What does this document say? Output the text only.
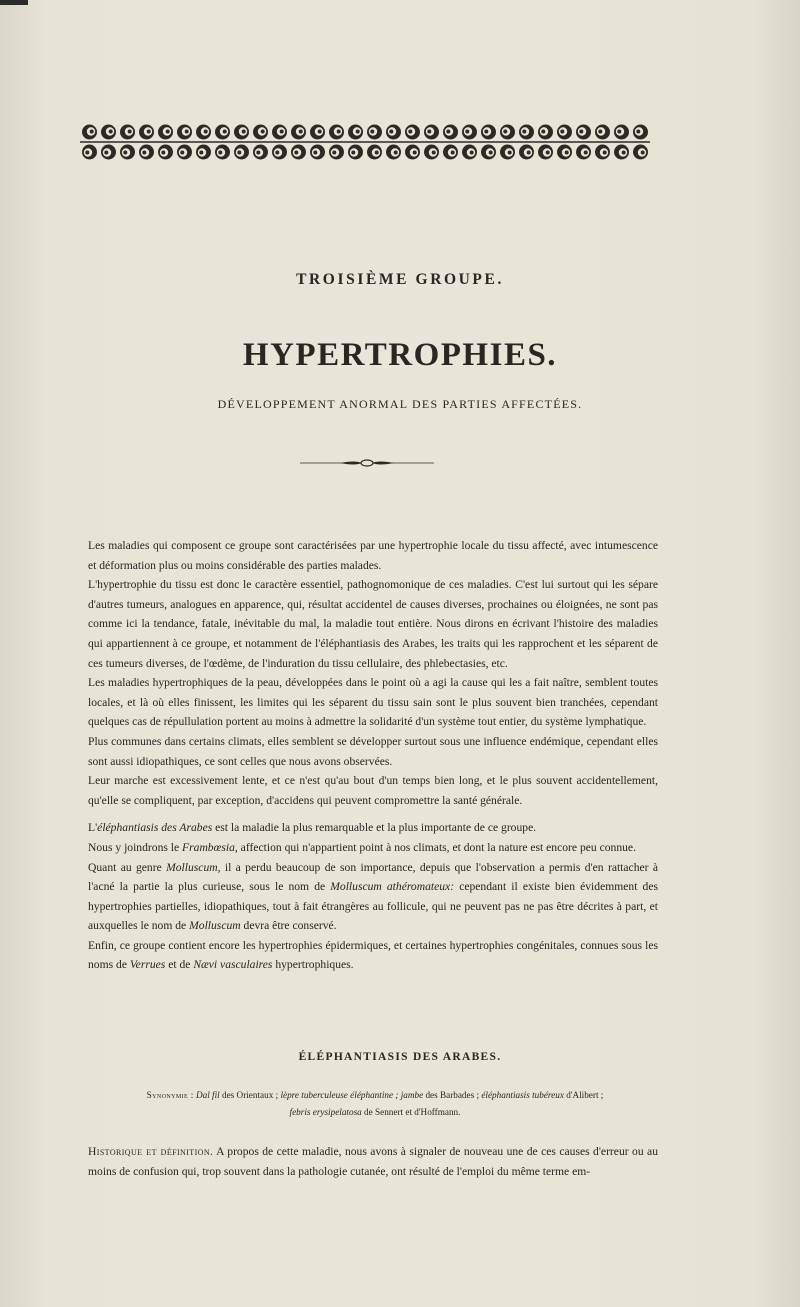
TROISIÈME GROUPE.
HYPERTROPHIES.
DÉVELOPPEMENT ANORMAL DES PARTIES AFFECTÉES.

Les maladies qui composent ce groupe sont caractérisées par une hypertrophie locale du tissu affecté, avec intumescence et déformation plus ou moins considérable des parties malades.

L'hypertrophie du tissu est donc le caractère essentiel, pathognomonique de ces maladies. C'est lui surtout qui les sépare d'autres tumeurs, analogues en apparence, qui, résultat accidentel de causes diverses, prochaines ou éloignées, ne sont pas comme ici la tendance, fatale, inévitable du mal, la maladie tout entière. Nous dirons en écrivant l'histoire des maladies qui appartiennent à ce groupe, et notamment de l'éléphantiasis des Arabes, les traits qui les rapprochent et les séparent de ces tumeurs diverses, de l'œdème, de l'induration du tissu cellulaire, des phlebectasies, etc.

Les maladies hypertrophiques de la peau, développées dans le point où a agi la cause qui les a fait naître, semblent toutes locales, et là où elles finissent, les limites qui les séparent du tissu sain sont le plus souvent bien tranchées, cependant quelques cas de répullulation portent au moins à admettre la solidarité d'un système tout entier, du système lymphatique.

Plus communes dans certains climats, elles semblent se développer surtout sous une influence endémique, cependant elles sont aussi idiopathiques, ce sont celles que nous avons observées.

Leur marche est excessivement lente, et ce n'est qu'au bout d'un temps bien long, et le plus souvent accidentellement, qu'elle se compliquent, par exception, d'accidens qui peuvent compromettre la santé générale.

L'éléphantiasis des Arabes est la maladie la plus remarquable et la plus importante de ce groupe.

Nous y joindrons le Frambœsia, affection qui n'appartient point à nos climats, et dont la nature est encore peu connue.

Quant au genre Molluscum, il a perdu beaucoup de son importance, depuis que l'observation a permis d'en rattacher à l'acné la partie la plus curieuse, sous le nom de Molluscum athéromateux: cependant il existe bien évidemment des hypertrophies partielles, idiopathiques, tout à fait étrangères au follicule, qui ne peuvent pas ne pas être décrites à part, et auxquelles le nom de Molluscum devra être conservé.

Enfin, ce groupe contient encore les hypertrophies épidermiques, et certaines hypertrophies congénitales, connues sous les noms de Verrues et de Nævi vasculaires hypertrophiques.

ÉLÉPHANTIASIS DES ARABES.
Synonymie : Dal fil des Orientaux ; lèpre tuberculeuse éléphantine ; jambe des Barbades ; éléphantiasis tubéreux d'Alibert ;
febris erysipelatosa de Sennert et d'Hoffmann.

Historique et définition. A propos de cette maladie, nous avons à signaler de nouveau une de ces causes d'erreur ou au moins de confusion qui, trop souvent dans la pathologie cutanée, ont résulté de l'emploi du même terme em-
